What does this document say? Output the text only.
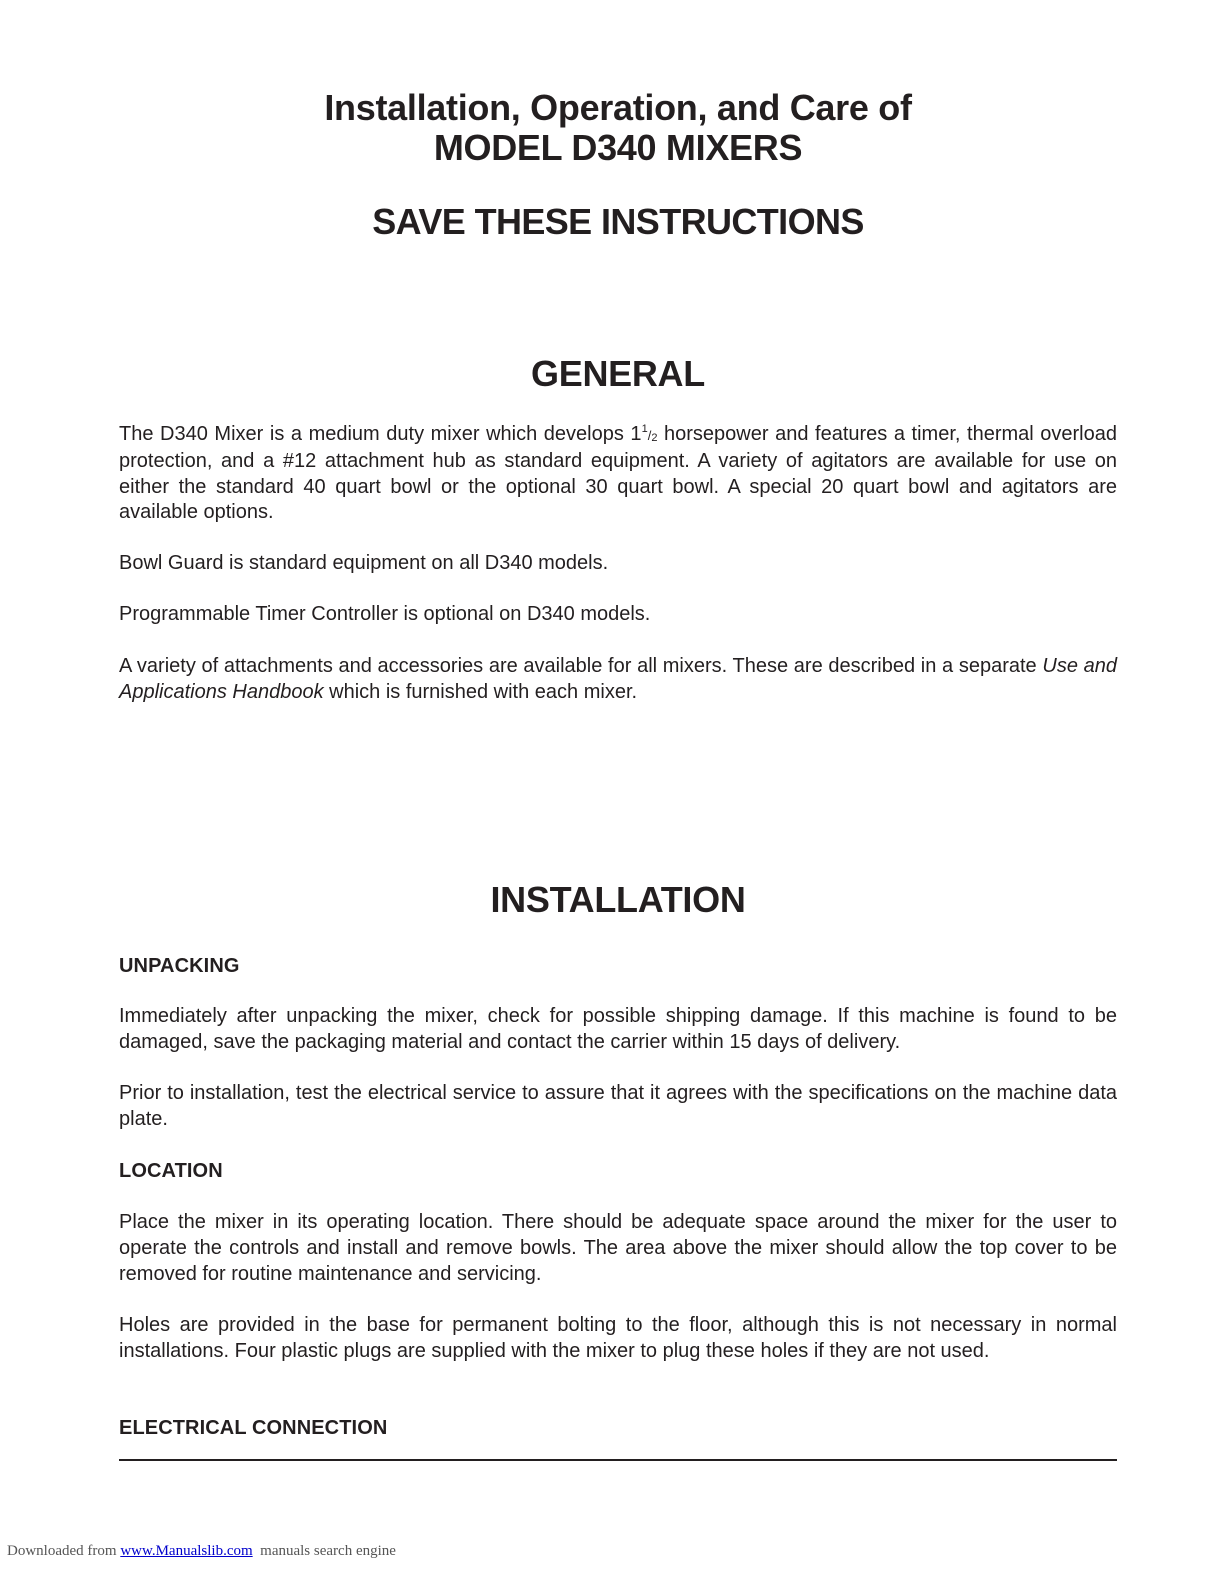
Installation, Operation, and Care of
MODEL D340 MIXERS
SAVE THESE INSTRUCTIONS
GENERAL

The D340 Mixer is a medium duty mixer which develops $1^1/_2$ horsepower and features a timer, thermal overload protection, and a #12 attachment hub as standard equipment. A variety of agitators are available for use on either the standard 40 quart bowl or the optional 30 quart bowl. A special 20 quart bowl and agitators are available options.

Bowl Guard is standard equipment on all D340 models.

Programmable Timer Controller is optional on D340 models.

A variety of attachments and accessories are available for all mixers. These are described in a separate Use and Applications Handbook which is furnished with each mixer.

INSTALLATION
UNPACKING

Immediately after unpacking the mixer, check for possible shipping damage. If this machine is found to be damaged, save the packaging material and contact the carrier within 15 days of delivery.

Prior to installation, test the electrical service to assure that it agrees with the specifications on the machine data plate.

LOCATION

Place the mixer in its operating location. There should be adequate space around the mixer for the user to operate the controls and install and remove bowls. The area above the mixer should allow the top cover to be removed for routine maintenance and servicing.

Holes are provided in the base for permanent bolting to the floor, although this is not necessary in normal installations. Four plastic plugs are supplied with the mixer to plug these holes if they are not used.

ELECTRICAL CONNECTION
Downloaded from www.Manualslib.com  manuals search engine
